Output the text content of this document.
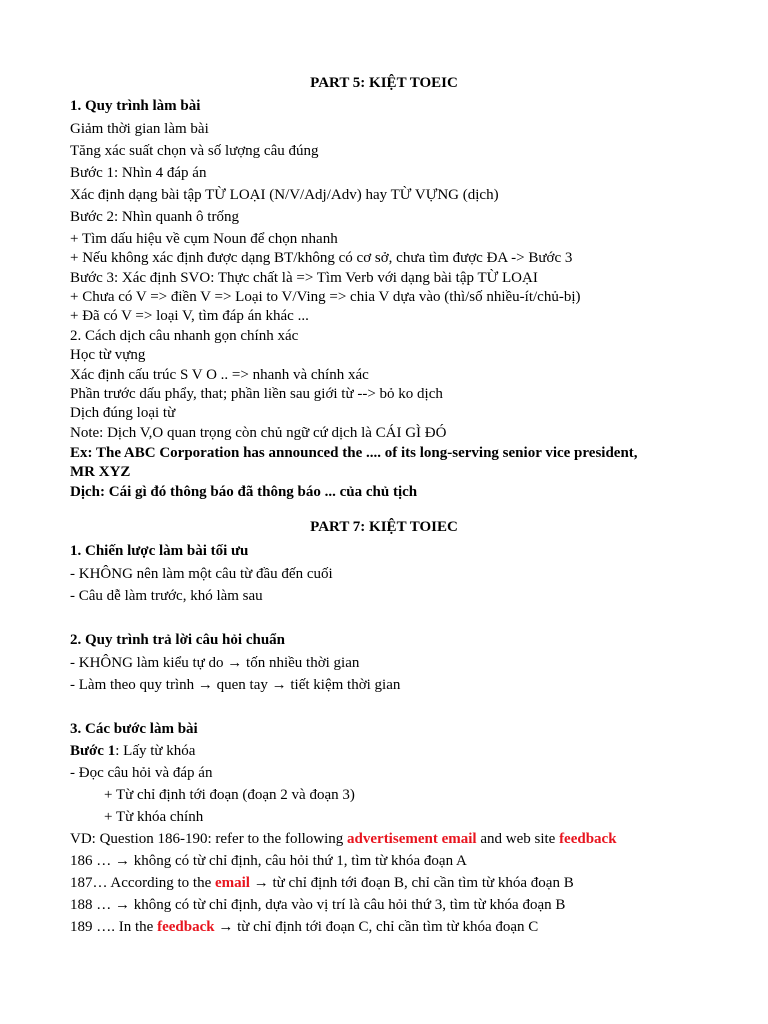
PART 5: KIỆT TOEIC
1. Quy trình làm bài
Giảm thời gian làm bài
Tăng xác suất chọn và số lượng câu đúng
Bước 1: Nhìn 4 đáp án
Xác định dạng bài tập TỪ LOẠI (N/V/Adj/Adv) hay TỪ VỰNG (dịch)
Bước 2: Nhìn quanh ô trống
+ Tìm dấu hiệu về cụm Noun để chọn nhanh
+ Nếu không xác định được dạng BT/không có cơ sở, chưa tìm được ĐA -> Bước 3
Bước 3: Xác định SVO: Thực chất là => Tìm Verb với dạng bài tập TỪ LOẠI
+ Chưa có V => điền V => Loại to V/Ving => chia V dựa vào (thì/số nhiều-ít/chủ-bị)
+ Đã có V => loại V, tìm đáp án khác ...
2. Cách dịch câu nhanh gọn chính xác
Học từ vựng
Xác định cấu trúc S V O .. => nhanh và chính xác
Phần trước dấu phẩy, that; phần liền sau giới từ --> bỏ ko dịch
Dịch đúng loại từ
Note: Dịch V,O quan trọng còn chủ ngữ cứ dịch là CÁI GÌ ĐÓ
Ex: The ABC Corporation has announced the .... of its long-serving senior vice president,
MR XYZ
Dịch: Cái gì đó thông báo đã thông báo ... của chủ tịch
PART 7: KIỆT TOIEC
1. Chiến lược làm bài tối ưu
- KHÔNG nên làm một câu từ đầu đến cuối
- Câu dễ làm trước, khó làm sau
2. Quy trình trả lời câu hỏi chuẩn
- KHÔNG làm kiểu tự do → tốn nhiều thời gian
- Làm theo quy trình → quen tay → tiết kiệm thời gian
3. Các bước làm bài
Bước 1: Lấy từ khóa
- Đọc câu hỏi và đáp án
+ Từ chỉ định tới đoạn (đoạn 2 và đoạn 3)
+ Từ khóa chính
VD: Question 186-190: refer to the following advertisement email and web site feedback
186 … → không có từ chỉ định, câu hỏi thứ 1, tìm từ khóa đoạn A
187… According to the email → từ chỉ định tới đoạn B, chỉ cần tìm từ khóa đoạn B
188 … → không có từ chỉ định, dựa vào vị trí là câu hỏi thứ 3, tìm từ khóa đoạn B
189 …. In the feedback → từ chỉ định tới đoạn C, chỉ cần tìm từ khóa đoạn C
